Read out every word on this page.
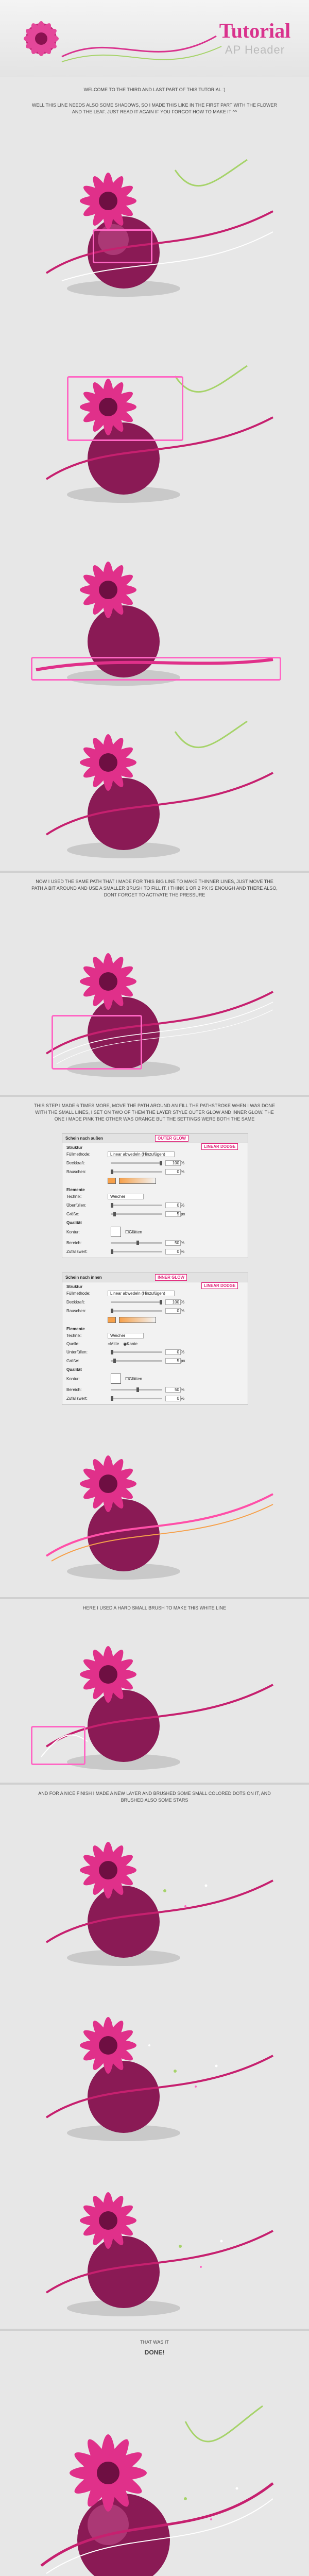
Tutorial
AP Header
WELCOME TO THE THIRD AND LAST PART OF THIS TUTORIAL :)
WELL THIS LINE NEEDS ALSO SOME SHADOWS, SO I MADE THIS LIKE IN THE FIRST PART WITH THE FLOWER AND THE LEAF. JUST READ IT AGAIN IF YOU FORGOT HOW TO MAKE IT ^^
NOW I USED THE SAME PATH THAT I MADE FOR THIS BIG LINE TO MAKE THINNER LINES, JUST MOVE THE PATH A BIT AROUND AND USE A SMALLER BRUSH TO FILL IT, I THINK 1 OR 2 PX IS ENOUGH AND THERE ALSO, DONT FORGET TO ACTIVATE THE PRESSURE
THIS STEP I MADE 6 TIMES MORE, MOVE THE PATH AROUND AN FILL THE PATHSTROKE WHEN I WAS DONE WITH THE SMALL LINES, I SET ON TWO OF THEM THE LAYER STYLE OUTER GLOW AND INNER GLOW. THE ONE I MADE PINK THE OTHER WAS ORANGE BUT THE SETTINGS WERE BOTH THE SAME
Schein nach außen	OUTER GLOW
LINEAR DODGE
Struktur
Füllmethode:	Linear abwedeln (Hinzufügen)
Deckkraft:	100 %
Rauschen:	0 %
Elemente
Technik:	Weicher
Überfüllen:	0 %
Größe:	5 px
Qualität
Kontur:	☐ Glätten
Bereich:	50 %
Zufallswert:	0 %
Schein nach innen	INNER GLOW
LINEAR DODGE
Struktur
Füllmethode:	Linear abwedeln (Hinzufügen)
Deckkraft:	100 %
Rauschen:	0 %
Elemente
Technik:	Weicher
Quelle:	○ Mitte ◉ Kante
Unterfüllen:	0 %
Größe:	5 px
Qualität
Kontur:	☐ Glätten
Bereich:	50 %
Zufallswert:	0 %
HERE I USED A HARD SMALL BRUSH TO MAKE THIS WHITE LINE
AND FOR A NICE FINISH I MADE A NEW LAYER AND BRUSHED SOME SMALL COLORED DOTS ON IT, AND BRUSHED ALSO SOME STARS
THAT WAS IT
DONE!
